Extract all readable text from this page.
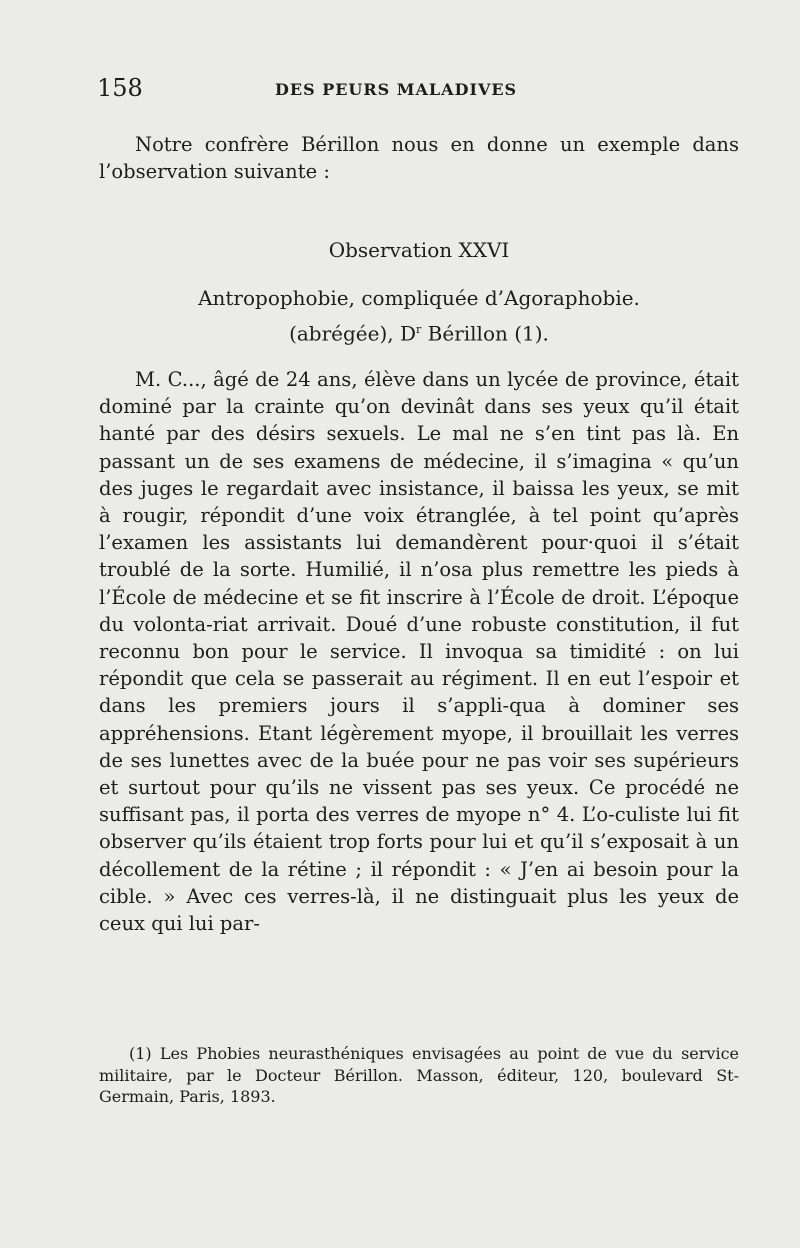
158	DES PEURS MALADIVES

Notre confrère Bérillon nous en donne un exemple dans l’observation suivante :

Observation XXVI

Antropophobie, compliquée d’Agoraphobie.
(abrégée), $D^r$ Bérillon (1).

M. C..., âgé de 24 ans, élève dans un lycée de province, était dominé par la crainte qu’on devinât dans ses yeux qu’il était hanté par des désirs sexuels. Le mal ne s’en tint pas là. En passant un de ses examens de médecine, il s’imagina « qu’un des juges le regardait avec insistance, il baissa les yeux, se mit à rougir, répondit d’une voix étranglée, à tel point qu’après l’examen les assistants lui demandèrent pour·quoi il s’était troublé de la sorte. Humilié, il n’osa plus remettre les pieds à l’École de médecine et se fit inscrire à l’École de droit. L’époque du volonta-riat arrivait. Doué d’une robuste constitution, il fut reconnu bon pour le service. Il invoqua sa timidité : on lui répondit que cela se passerait au régiment. Il en eut l’espoir et dans les premiers jours il s’appli-qua à dominer ses appréhensions. Etant légèrement myope, il brouillait les verres de ses lunettes avec de la buée pour ne pas voir ses supérieurs et surtout pour qu’ils ne vissent pas ses yeux. Ce procédé ne suffisant pas, il porta des verres de myope n° 4. L’o-culiste lui fit observer qu’ils étaient trop forts pour lui et qu’il s’exposait à un décollement de la rétine ; il répondit : « J’en ai besoin pour la cible. » Avec ces verres-là, il ne distinguait plus les yeux de ceux qui lui par-

(1) Les Phobies neurasthéniques envisagées au point de vue du service militaire, par le Docteur Bérillon. Masson, éditeur, 120, boulevard St-Germain, Paris, 1893.
